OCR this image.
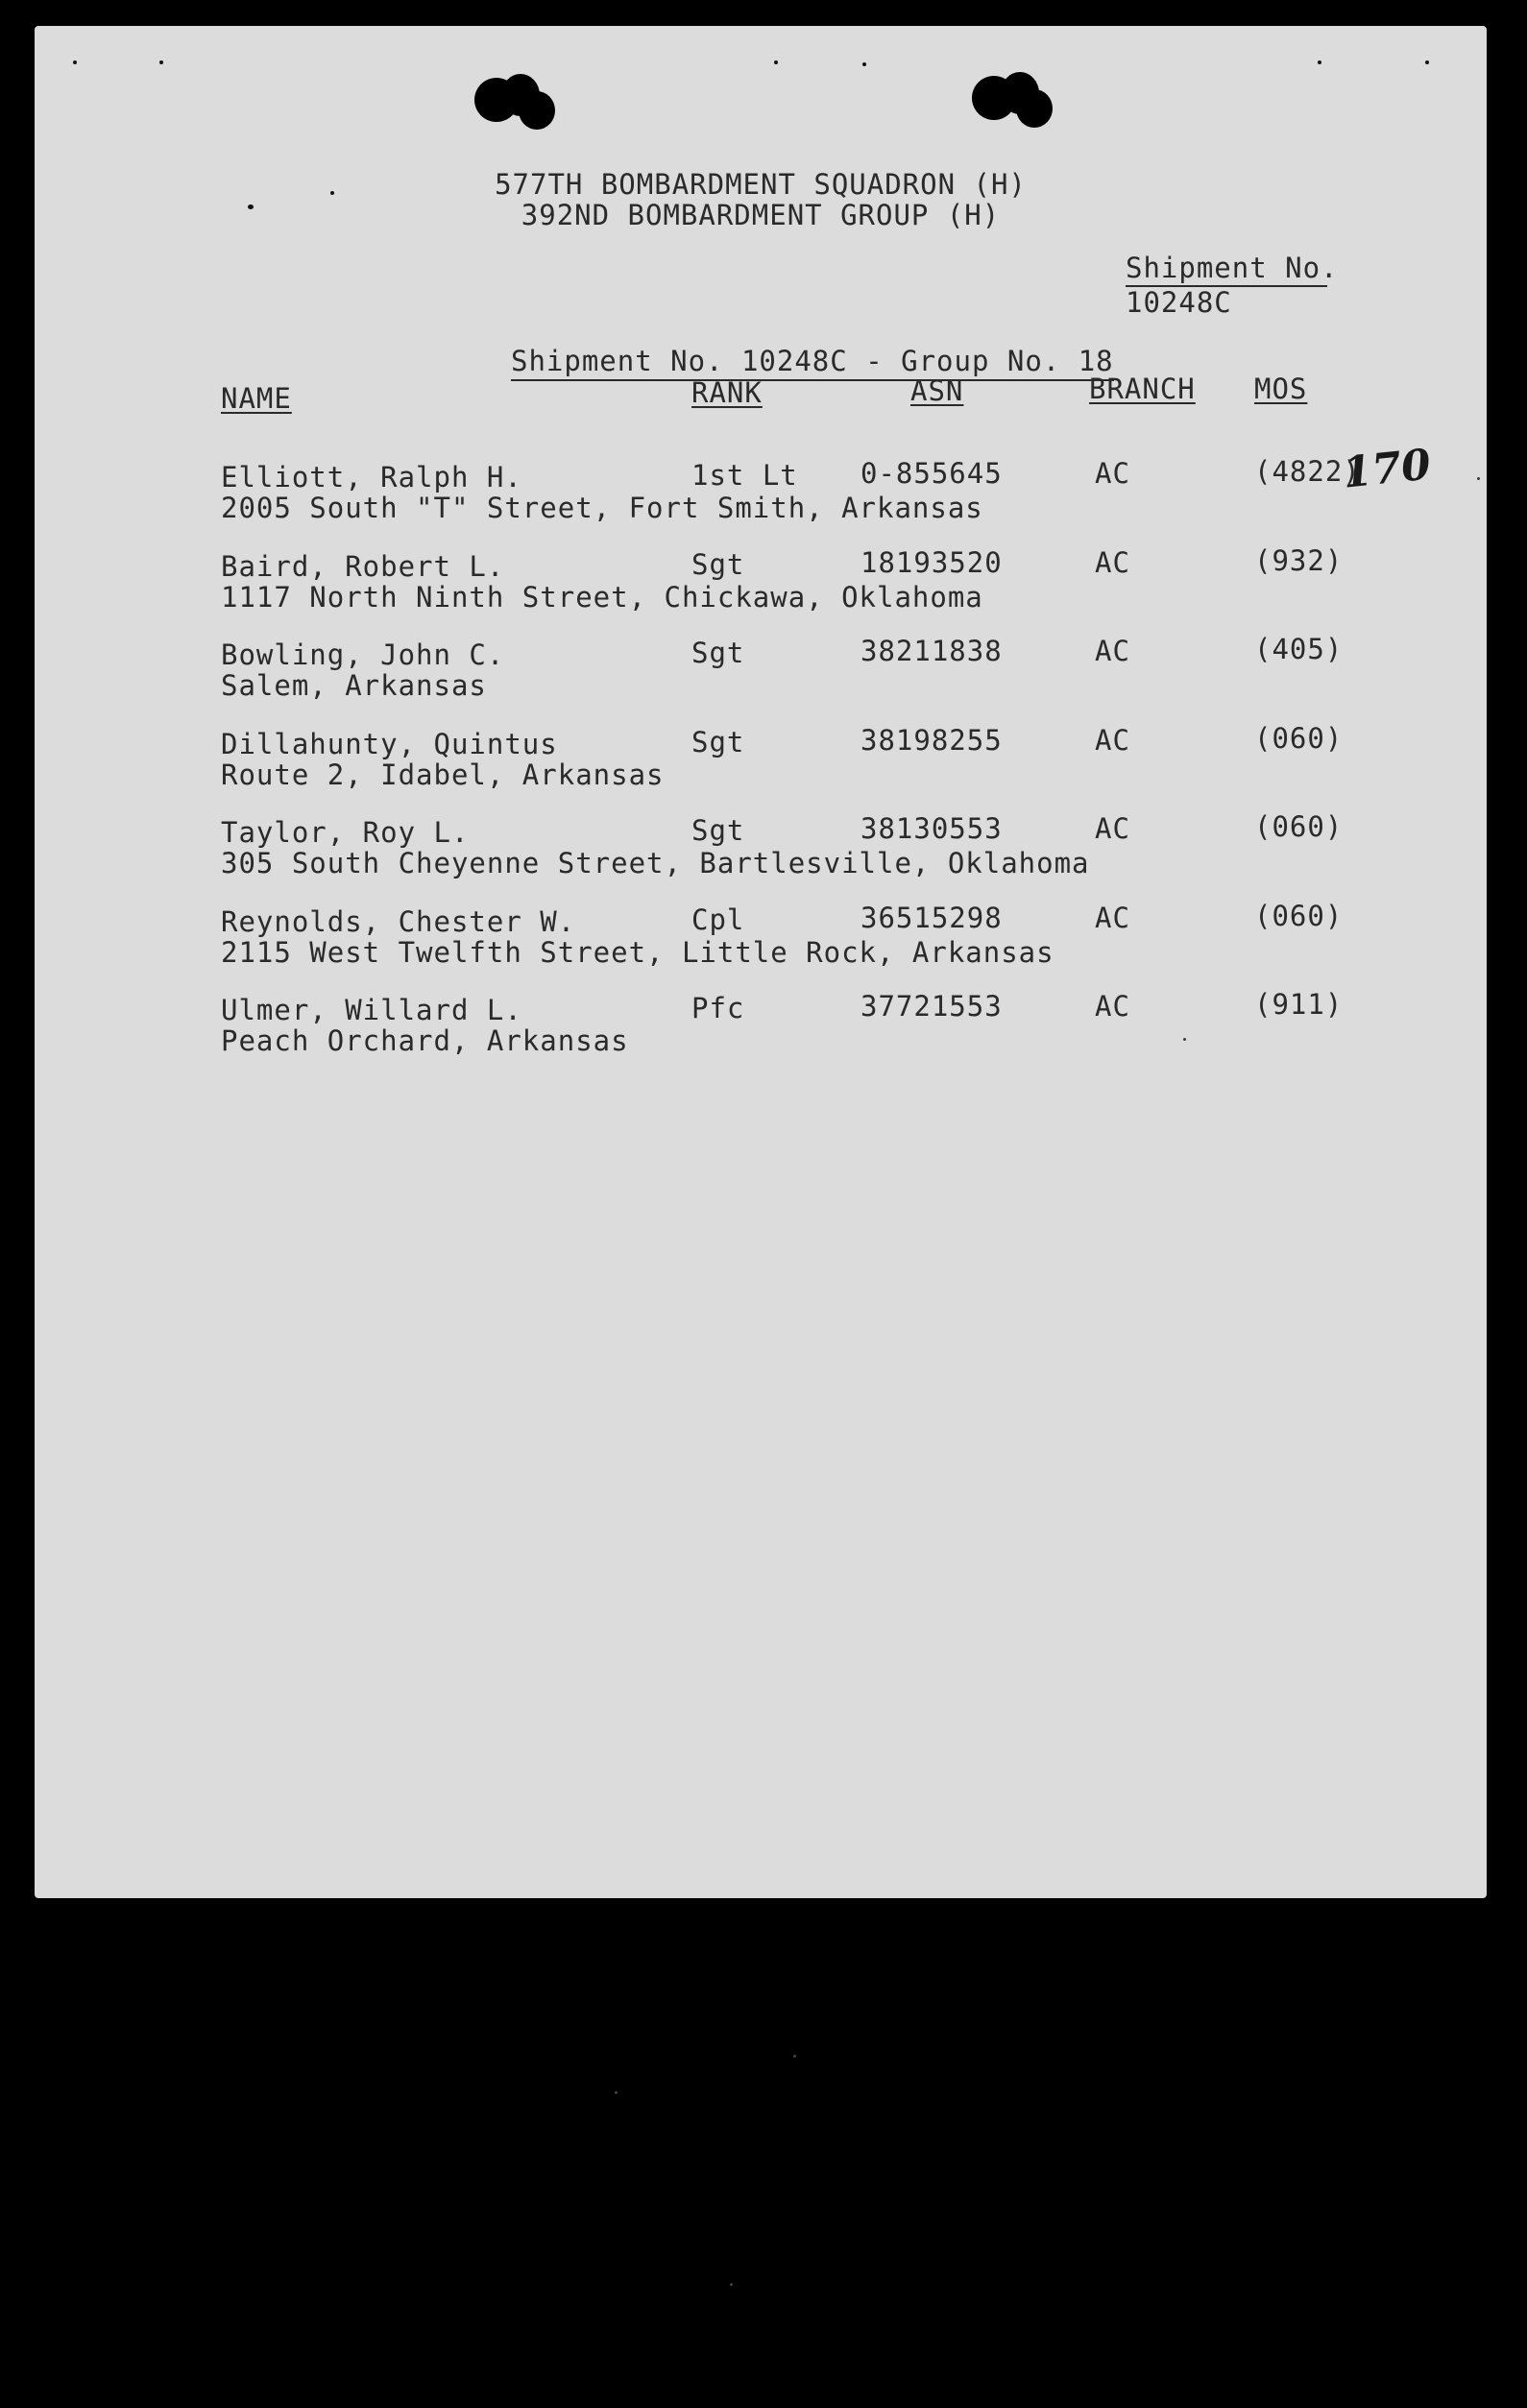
577TH BOMBARDMENT SQUADRON (H)
392ND BOMBARDMENT GROUP (H)
Shipment No.
10248C
Shipment No. 10248C - Group No. 18
NAME	RANK	ASN	BRANCH MOS
170
Elliott, Ralph H.	1st Lt 0-855645	AC	(4822)
2005 South "T" Street, Fort Smith, Arkansas
Baird, Robert L.	Sgt	18193520	AC	(932)
1117 North Ninth Street, Chickawa, Oklahoma
Bowling, John C.	Sgt	38211838	AC	(405)
Salem, Arkansas
Dillahunty, Quintus	Sgt	38198255	AC	(060)
Route 2, Idabel, Arkansas
Taylor, Roy L.	Sgt	38130553	AC	(060)
305 South Cheyenne Street, Bartlesville, Oklahoma
Reynolds, Chester W.	Cpl	36515298	AC	(060)
2115 West Twelfth Street, Little Rock, Arkansas
Ulmer, Willard L.	Pfc	37721553	AC	(911)
Peach Orchard, Arkansas
